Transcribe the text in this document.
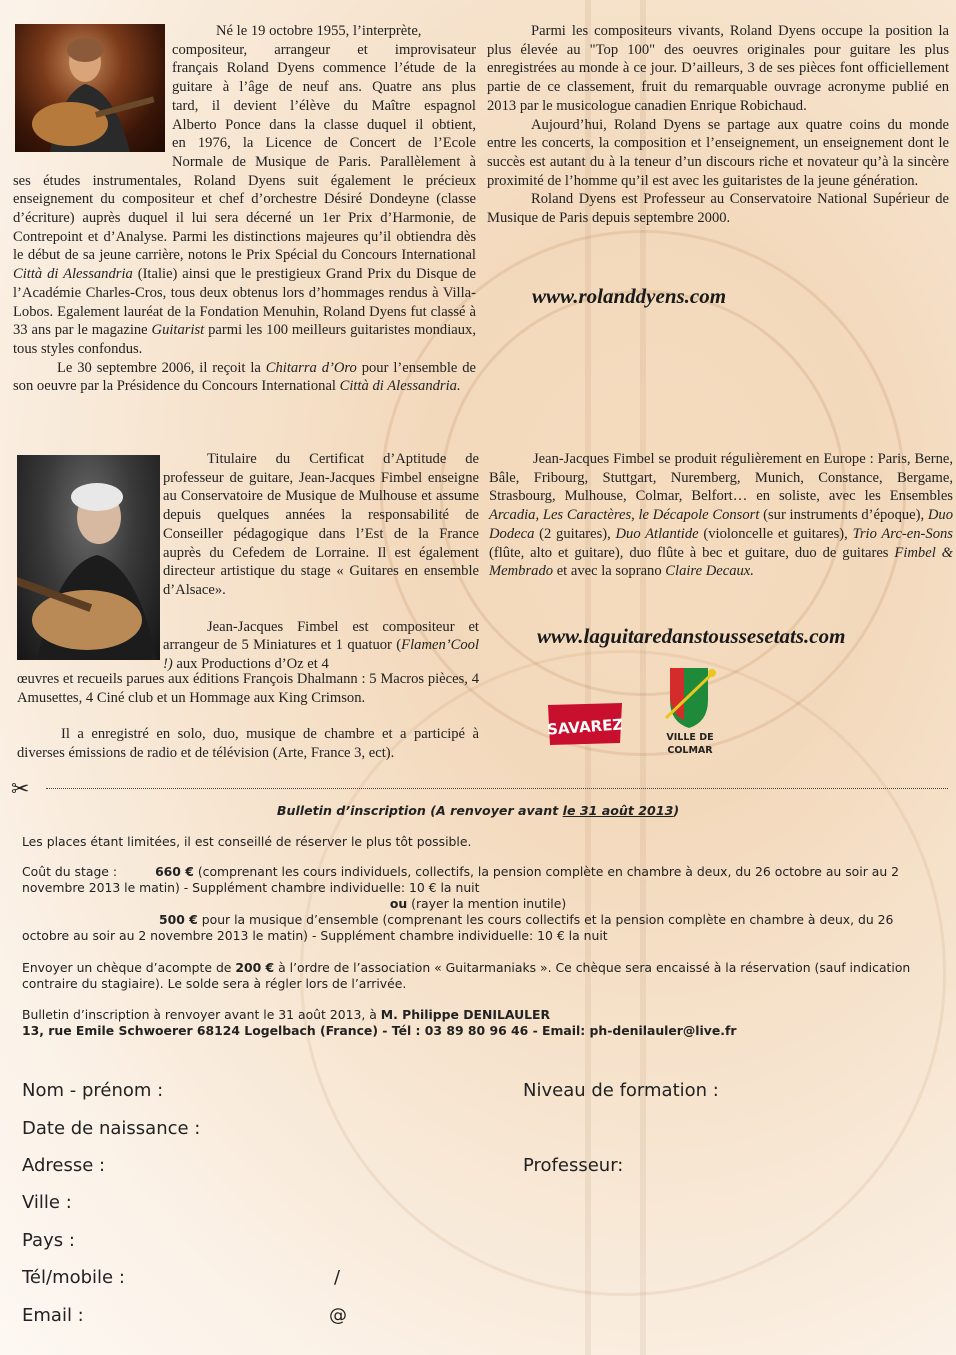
Né le 19 octobre 1955, l’interprète,
compositeur, arrangeur et improvisateur
français Roland Dyens commence l’étude de la
guitare à l’âge de neuf ans. Quatre ans plus
tard, il devient l’élève du Maître espagnol
Alberto Ponce dans la classe duquel il obtient,
en 1976, la Licence de Concert de l’Ecole
Normale de Musique de Paris. Parallèlement à

ses études instrumentales, Roland Dyens suit également le précieux enseignement du compositeur et chef d’orchestre Désiré Dondeyne (classe d’écriture) auprès duquel il lui sera décerné un 1er Prix d’Harmonie, de Contrepoint et d’Analyse. Parmi les distinctions majeures qu’il obtiendra dès le début de sa jeune carrière, notons le Prix Spécial du Concours International Città di Alessandria (Italie) ainsi que le prestigieux Grand Prix du Disque de l’Académie Charles-Cros, tous deux obtenus lors d’hommages rendus à Villa-Lobos. Egalement lauréat de la Fondation Menuhin, Roland Dyens fut classé à 33 ans par le magazine Guitarist parmi les 100 meilleurs guitaristes mondiaux, tous styles confondus.

Le 30 septembre 2006, il reçoit la Chitarra d’Oro pour l’ensemble de son oeuvre par la Présidence du Concours International Città di Alessandria.

Parmi les compositeurs vivants, Roland Dyens occupe la position la plus élevée au "Top 100" des oeuvres originales pour guitare les plus enregistrées au monde à ce jour. D’ailleurs, 3 de ses pièces font officiellement partie de ce classement, fruit du remarquable ouvrage acronyme publié en 2013 par le musicologue canadien Enrique Robichaud.

Aujourd’hui, Roland Dyens se partage aux quatre coins du monde entre les concerts, la composition et l’enseignement, un enseignement dont le succès est autant du à la teneur d’un discours riche et novateur qu’à la sincère proximité de l’homme qu’il est avec les guitaristes de la jeune génération.

Roland Dyens est Professeur au Conservatoire National Supérieur de Musique de Paris depuis septembre 2000.

www.rolanddyens.com

Titulaire du Certificat d’Aptitude de professeur de guitare, Jean-Jacques Fimbel enseigne au Conservatoire de Musique de Mulhouse et assume depuis quelques années la responsabilité de Conseiller pédagogique dans l’Est de la France auprès du Cefedem de Lorraine. Il est également directeur artistique du stage « Guitares en ensemble d’Alsace».

Jean-Jacques Fimbel est compositeur et arrangeur de 5 Miniatures et 1 quatuor (Flamen’Cool !) aux Productions d’Oz et 4

œuvres et recueils parues aux éditions François Dhalmann : 5 Macros pièces, 4 Amusettes, 4 Ciné club et un Hommage aux King Crimson.

Il a enregistré en solo, duo, musique de chambre et a participé à diverses émissions de radio et de télévision (Arte, France 3, ect).

Jean-Jacques Fimbel se produit régulièrement en Europe : Paris, Berne, Bâle, Fribourg, Stuttgart, Nuremberg, Munich, Constance, Bergame, Strasbourg, Mulhouse, Colmar, Belfort… en soliste, avec les Ensembles Arcadia, Les Caractères, le Décapole Consort (sur instruments d’époque), Duo Dodeca (2 guitares), Duo Atlantide (violoncelle et guitares), Trio Arc-en-Sons (flûte, alto et guitare), duo flûte à bec et guitare, duo de guitares Fimbel & Membrado et avec la soprano Claire Decaux.

www.laguitaredanstoussesetats.com
SAVAREZ	VILLE DE
COLMAR
✂
Bulletin d’inscription (A renvoyer avant le 31 août 2013)

Les places étant limitées, il est conseillé de réserver le plus tôt possible.

Coût du stage :	660 € (comprenant les cours individuels, collectifs, la pension complète en chambre à deux, du 26 octobre au soir au 2 novembre 2013 le matin) - Supplément chambre individuelle: 10 € la nuit

ou (rayer la mention inutile)

500 € pour la musique d’ensemble (comprenant les cours collectifs et la pension complète en chambre à deux, du 26 octobre au soir au 2 novembre 2013 le matin) - Supplément chambre individuelle: 10 € la nuit

Envoyer un chèque d’acompte de 200 € à l’ordre de l’association « Guitarmaniaks ». Ce chèque sera encaissé à la réservation (sauf indication contraire du stagiaire). Le solde sera à régler lors de l’arrivée.

Bulletin d’inscription à renvoyer avant le 31 août 2013, à M. Philippe DENILAULER
13, rue Emile Schwoerer 68124 Logelbach (France) - Tél : 03 89 80 96 46 - Email: ph-denilauler@live.fr

Nom - prénom :	Niveau de formation :
Date de naissance :
Adresse :	Professeur:
Ville :
Pays :
Tél/mobile :	/
Email :	@
